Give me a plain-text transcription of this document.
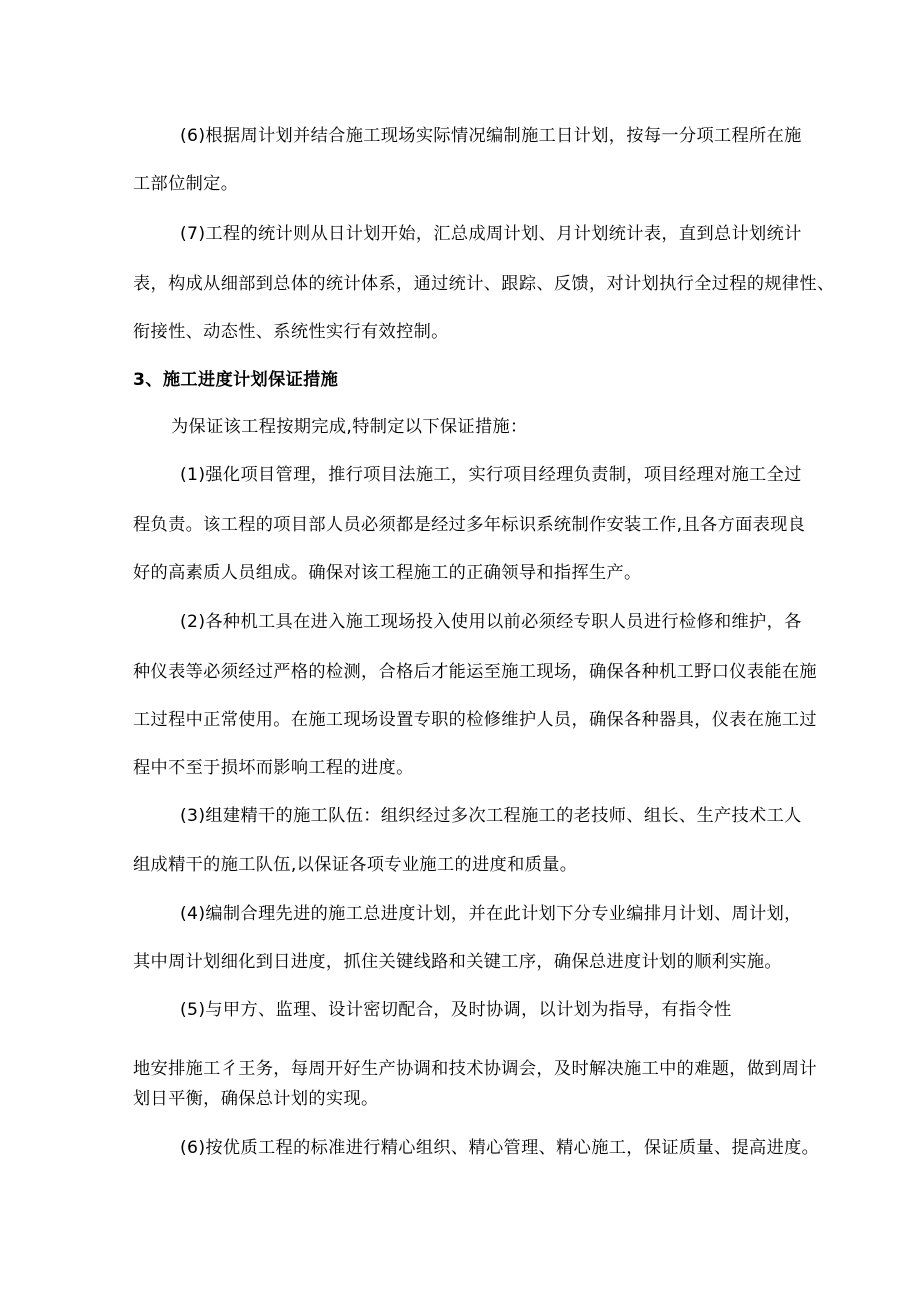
(6)根据周计划并结合施工现场实际情况编制施工日计划，按每一分项工程所在施
工部位制定。
(7)工程的统计则从日计划开始，汇总成周计划、月计划统计表，直到总计划统计
表，构成从细部到总体的统计体系，通过统计、跟踪、反馈，对计划执行全过程的规律性、
衔接性、动态性、系统性实行有效控制。
3、施工进度计划保证措施
为保证该工程按期完成,特制定以下保证措施：
(1)强化项目管理，推行项目法施工，实行项目经理负责制，项目经理对施工全过
程负责。该工程的项目部人员必须都是经过多年标识系统制作安装工作,且各方面表现良
好的高素质人员组成。确保对该工程施工的正确领导和指挥生产。
(2)各种机工具在进入施工现场投入使用以前必须经专职人员进行检修和维护，各
种仪表等必须经过严格的检测，合格后才能运至施工现场，确保各种机工野口仪表能在施
工过程中正常使用。在施工现场设置专职的检修维护人员，确保各种器具，仪表在施工过
程中不至于损坏而影响工程的进度。
(3)组建精干的施工队伍：组织经过多次工程施工的老技师、组长、生产技术工人
组成精干的施工队伍,以保证各项专业施工的进度和质量。
(4)编制合理先进的施工总进度计划，并在此计划下分专业编排月计划、周计划，
其中周计划细化到日进度，抓住关键线路和关键工序，确保总进度计划的顺利实施。
(5)与甲方、监理、设计密切配合，及时协调，以计划为指导，有指令性
地安排施工彳王务，每周开好生产协调和技术协调会，及时解决施工中的难题，做到周计
划日平衡，确保总计划的实现。
(6)按优质工程的标准进行精心组织、精心管理、精心施工，保证质量、提高进度。
